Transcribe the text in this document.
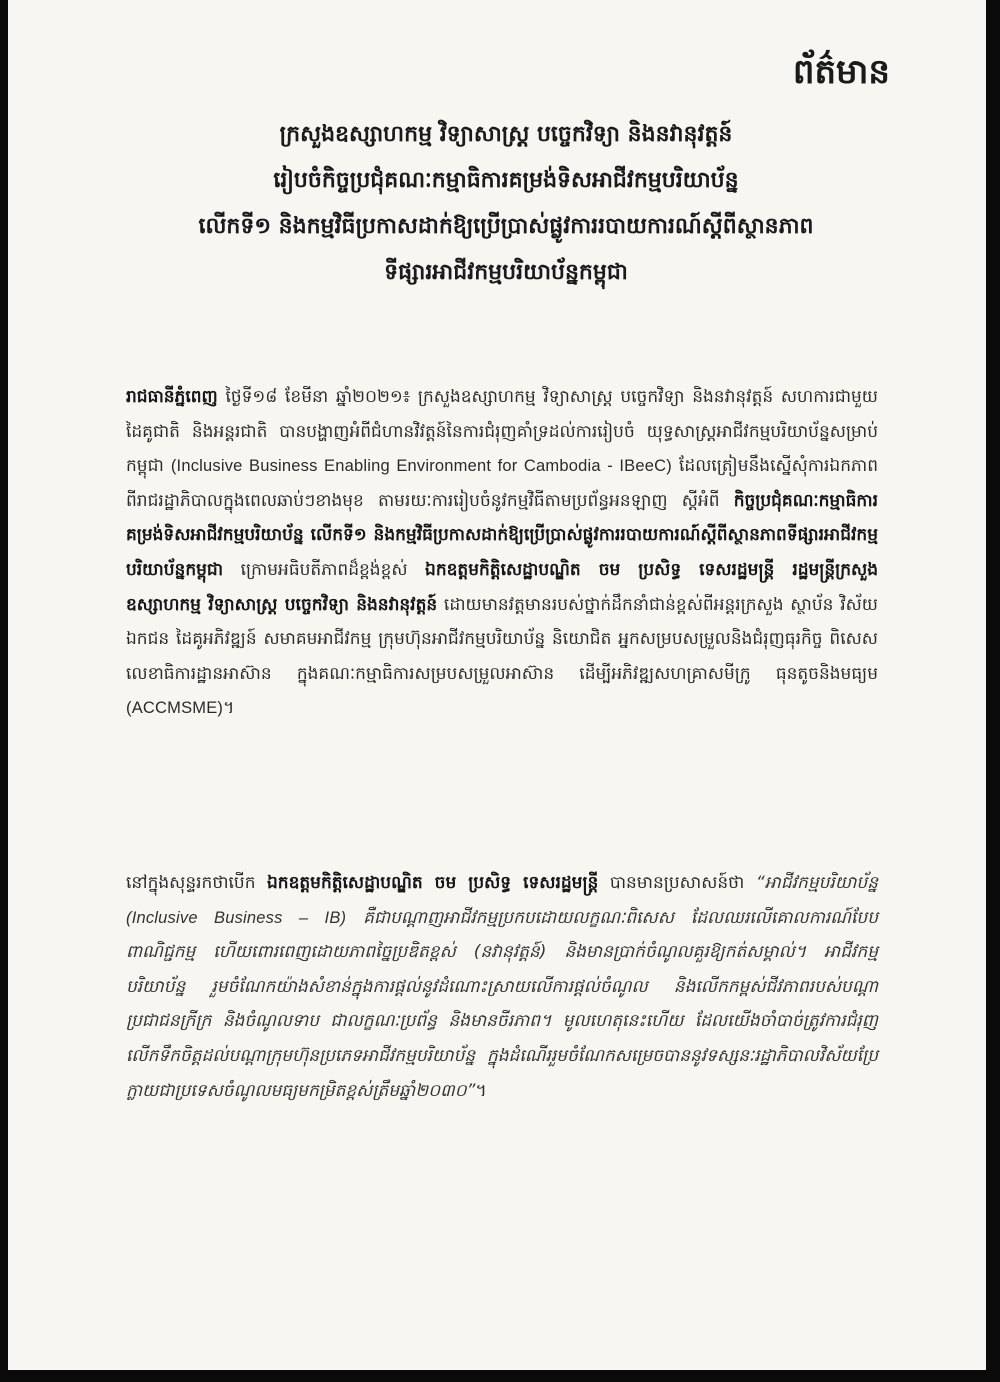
ព័ត៌មាន
ក្រសួងឧស្សាហកម្ម វិទ្យាសាស្ត្រ បច្ចេកវិទ្យា និងនវានុវត្តន៍
រៀបចំកិច្ចប្រជុំគណៈកម្មាធិការគម្រង់ទិសអាជីវកម្មបរិយាប័ន្ន
លើកទី១ និងកម្មវិធីប្រកាសដាក់ឱ្យប្រើប្រាស់ផ្លូវការរបាយការណ៍ស្តីពីស្ថានភាព
ទីផ្សារអាជីវកម្មបរិយាប័ន្នកម្ពុជា
រាជធានីភ្នំពេញ ថ្ងៃទី១៨ ខែមីនា ឆ្នាំ២០២១៖ ក្រសួងឧស្សាហកម្ម វិទ្យាសាស្ត្រ បច្ចេកវិទ្យា និងនវានុវត្តន៍ សហការជាមួយដៃគូជាតិ និងអន្តរជាតិ បានបង្ហាញអំពីជំហានវិវត្តន៍នៃការជំរុញគាំទ្រដល់ការរៀបចំ យុទ្ធសាស្ត្រអាជីវកម្មបរិយាប័ន្នសម្រាប់កម្ពុជា (Inclusive Business Enabling Environment for Cambodia - IBeeC) ដែលត្រៀមនឹងស្នើសុំការឯកភាពពីរាជរដ្ឋាភិបាលក្នុងពេលឆាប់ៗខាងមុខ តាមរយៈការរៀបចំនូវកម្មវិធីតាមប្រព័ន្ធអនឡាញ ស្តីអំពី កិច្ចប្រជុំគណៈកម្មាធិការគម្រង់ទិសអាជីវកម្មបរិយាប័ន្ន លើកទី១ និងកម្មវិធីប្រកាសដាក់ឱ្យប្រើប្រាស់ផ្លូវការរបាយការណ៍ស្តីពីស្ថានភាពទីផ្សារអាជីវកម្មបរិយាប័ន្នកម្ពុជា ក្រោមអធិបតីភាពដ៏ខ្ពង់ខ្ពស់ ឯកឧត្តមកិត្តិសេដ្ឋាបណ្ឌិត ចម ប្រសិទ្ធ ទេសរដ្ឋមន្ត្រី រដ្ឋមន្ត្រីក្រសួងឧស្សាហកម្ម វិទ្យាសាស្ត្រ បច្ចេកវិទ្យា និងនវានុវត្តន៍ ដោយមានវត្តមានរបស់ថ្នាក់ដឹកនាំជាន់ខ្ពស់ពីអន្តរក្រសួង ស្ថាប័ន វិស័យឯកជន ដៃគូអភិវឌ្ឍន៍ សមាគមអាជីវកម្ម ក្រុមហ៊ុនអាជីវកម្មបរិយាប័ន្ន និយោជិត អ្នកសម្របសម្រួលនិងជំរុញធុរកិច្ច ពិសេសលេខាធិការដ្ឋានអាស៊ាន ក្នុងគណៈកម្មាធិការសម្របសម្រួលអាស៊ាន ដើម្បីអភិវឌ្ឍសហគ្រាសមីក្រូ ធុនតូចនិងមធ្យម (ACCMSME)។
នៅក្នុងសុន្ទរកថាបើក ឯកឧត្តមកិត្តិសេដ្ឋាបណ្ឌិត ចម ប្រសិទ្ធ ទេសរដ្ឋមន្ត្រី បានមានប្រសាសន៍ថា “អាជីវកម្មបរិយាប័ន្ន (Inclusive Business – IB) គឺជាបណ្តាញអាជីវកម្មប្រកបដោយលក្ខណៈពិសេស ដែលឈរលើគោលការណ៍បែបពាណិជ្ជកម្ម ហើយពោរពេញដោយភាពច្នៃប្រឌិតខ្ពស់ (នវានុវត្តន៍) និងមានប្រាក់ចំណូលគួរឱ្យកត់សម្គាល់។ អាជីវកម្មបរិយាប័ន្ន រួមចំណែកយ៉ាងសំខាន់ក្នុងការផ្តល់នូវដំណោះស្រាយលើការផ្តល់ចំណូល និងលើកកម្ពស់ជីវភាពរបស់បណ្តាប្រជាជនក្រីក្រ និងចំណូលទាប ជាលក្ខណៈប្រព័ន្ធ និងមានចីរភាព។ មូលហេតុនេះហើយ ដែលយើងចាំបាច់ត្រូវការជំរុញលើកទឹកចិត្តដល់បណ្តាក្រុមហ៊ុនប្រភេទអាជីវកម្មបរិយាប័ន្ន ក្នុងដំណើររួមចំណែកសម្រេចបាននូវទស្សនៈរដ្ឋាភិបាលវិស័យប្រែក្លាយជាប្រទេសចំណូលមធ្យមកម្រិតខ្ពស់ត្រឹមឆ្នាំ២០៣០”។
